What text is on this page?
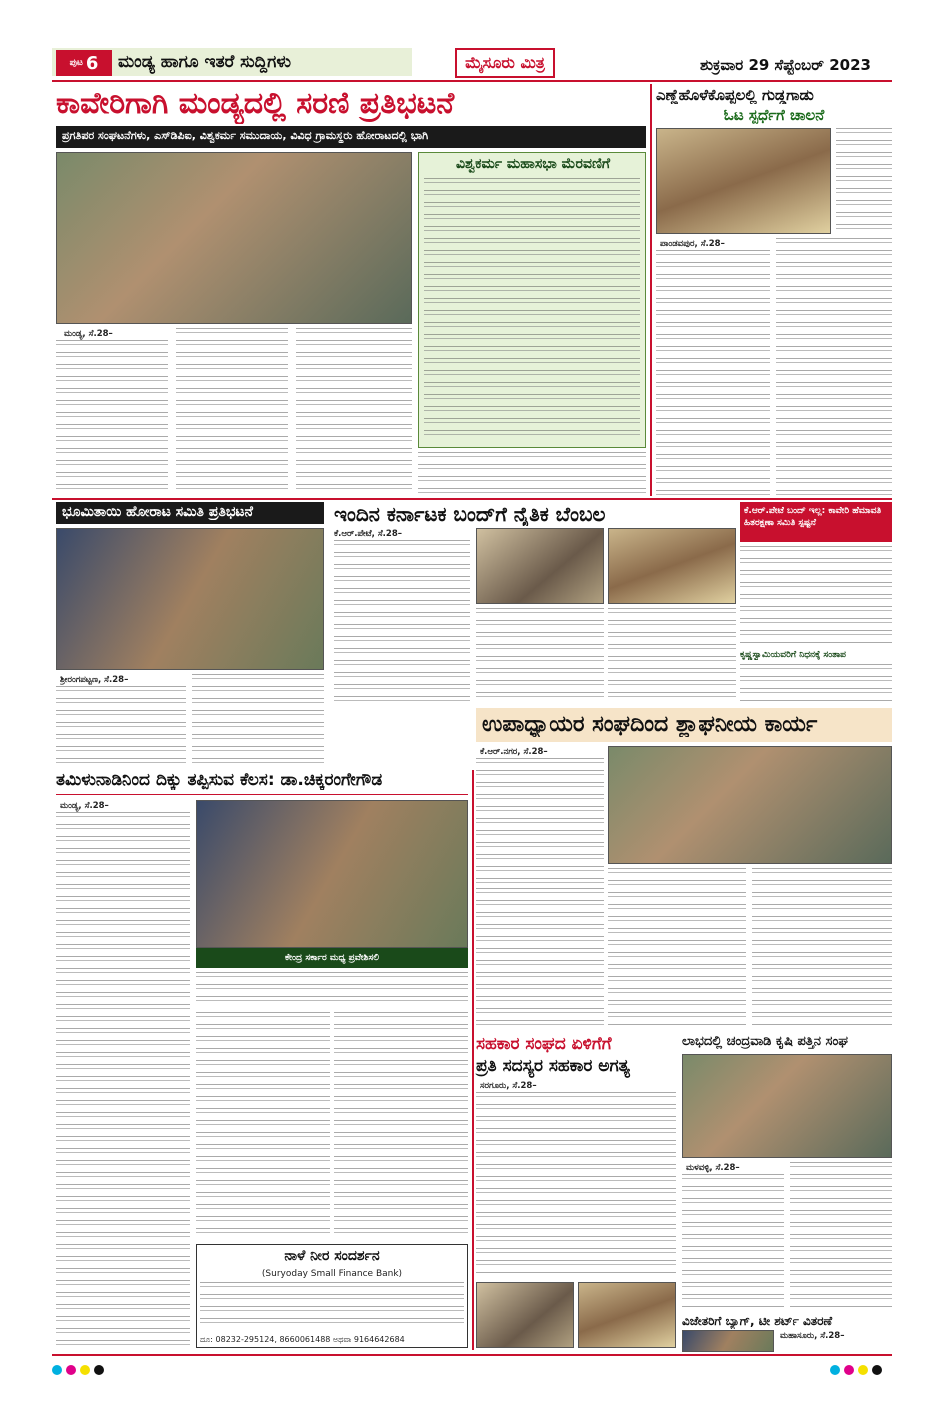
ಪುಟ 6 ಮಂಡ್ಯ ಹಾಗೂ ಇತರೆ ಸುದ್ದಿಗಳು	ಮೈಸೂರು ಮಿತ್ರ	ಶುಕ್ರವಾರ 29 ಸೆಪ್ಟೆಂಬರ್ 2023
ಕಾವೇರಿಗಾಗಿ ಮಂಡ್ಯದಲ್ಲಿ ಸರಣಿ ಪ್ರತಿಭಟನೆ
ಪ್ರಗತಿಪರ ಸಂಘಟನೆಗಳು, ಎಸ್‌ಡಿಪಿಐ, ವಿಶ್ವಕರ್ಮ ಸಮುದಾಯ, ವಿವಿಧ ಗ್ರಾಮಸ್ಥರು ಹೋರಾಟದಲ್ಲಿ ಭಾಗಿ
ವಿಶ್ವಕರ್ಮ ಮಹಾಸಭಾ ಮೆರವಣಿಗೆ
ಮಂಡ್ಯ, ಸೆ.28–
ಎಣ್ಣೆಹೊಳೆಕೊಪ್ಪಲಲ್ಲಿ ಗುಡ್ಡಗಾಡು
ಓಟ ಸ್ಪರ್ಧೆಗೆ ಚಾಲನೆ
ಪಾಂಡವಪುರ, ಸೆ.28–
ಭೂಮಿತಾಯಿ ಹೋರಾಟ ಸಮಿತಿ ಪ್ರತಿಭಟನೆ
ಶ್ರೀರಂಗಪಟ್ಟಣ, ಸೆ.28–
ಇಂದಿನ ಕರ್ನಾಟಕ ಬಂದ್‌ಗೆ ನೈತಿಕ ಬೆಂಬಲ	ಕೆ.ಆರ್.ಪೇಟೆ ಬಂದ್ ಇಲ್ಲ: ಕಾವೇರಿ ಹೆಮಾವತಿ ಹಿತರಕ್ಷಣಾ ಸಮಿತಿ ಸ್ಪಷ್ಟನೆ
ಕೆ.ಆರ್.ಪೇಟೆ, ಸೆ.28–
ಕೃಷ್ಣಸ್ವಾಮಿಯವರಿಗೆ ನಿಧನಕ್ಕೆ ಸಂತಾಪ
ಉಪಾಧ್ಯಾಯರ ಸಂಘದಿಂದ ಶ್ಲಾಘನೀಯ ಕಾರ್ಯ
ಕೆ.ಆರ್.ನಗರ, ಸೆ.28–
ತಮಿಳುನಾಡಿನಿಂದ ದಿಕ್ಕು ತಪ್ಪಿಸುವ ಕೆಲಸ: ಡಾ.ಚಿಕ್ಕರಂಗೇಗೌಡ
ಮಂಡ್ಯ, ಸೆ.28–
ಕೇಂದ್ರ ಸರ್ಕಾರ ಮಧ್ಯ ಪ್ರವೇಶಿಸಲಿ
ನಾಳೆ ನೀರ ಸಂದರ್ಶನ
(Suryoday Small Finance Bank)
ದೂ: 08232-295124, 8660061488 ಅಥವಾ 9164642684
ಸಹಕಾರ ಸಂಘದ ಏಳಿಗೆಗೆ
ಪ್ರತಿ ಸದಸ್ಯರ ಸಹಕಾರ ಅಗತ್ಯ
ಸರಗೂರು, ಸೆ.28–
ಲಾಭದಲ್ಲಿ ಚಂದ್ರವಾಡಿ ಕೃಷಿ ಪತ್ತಿನ ಸಂಘ
ಮಳವಳ್ಳಿ, ಸೆ.28–
ವಿಜೇತರಿಗೆ ಬ್ಯಾಗ್, ಟೀ ಶರ್ಟ್ ವಿತರಣೆ
ಮಹಾಸೂರು, ಸೆ.28–
